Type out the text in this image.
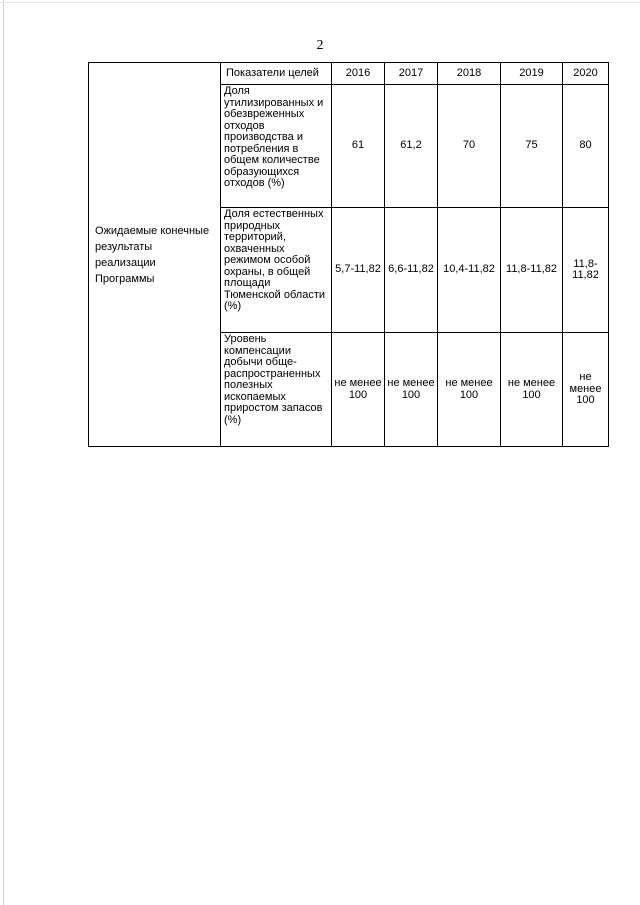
2
Ожидаемые конечные результаты реализации Программы	Показатели целей	2016	2017	2018	2019	2020
	Доля утилизированных и обезвреженных отходов производства и потребления в общем количестве образующихся отходов (%)	61	61,2	70	75	80
	Доля естественных природных территорий, охваченных режимом особой охраны, в общей площади Тюменской области (%)	5,7-11,82	6,6-11,82	10,4-11,82	11,8-11,82	11,8-11,82
	Уровень компенсации добычи обще-распространенных полезных ископаемых приростом запасов (%)	не менее 100	не менее 100	не менее 100	не менее 100	не менее 100
